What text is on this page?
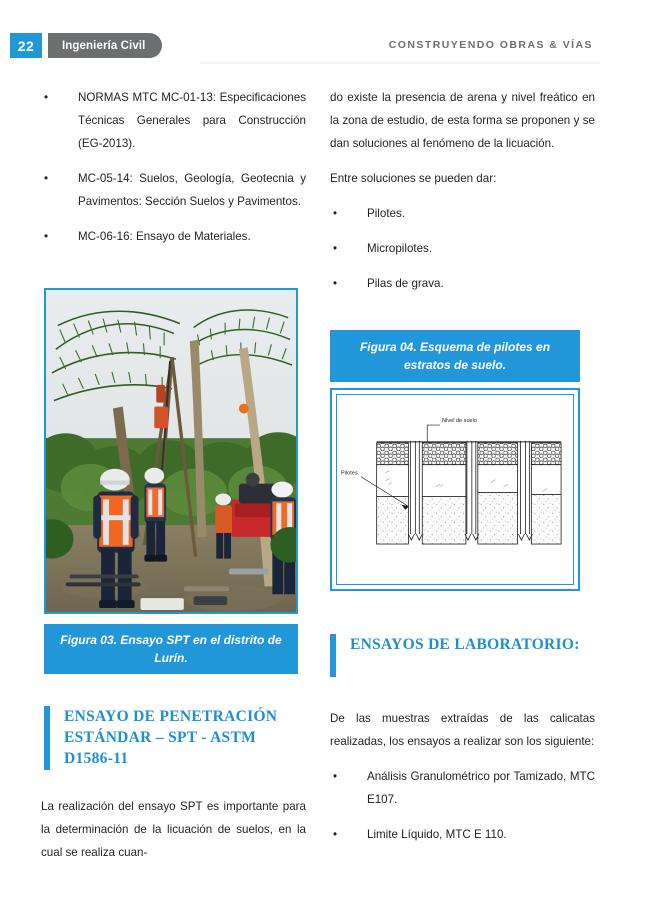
22	Ingeniería Civil	CONSTRUYENDO OBRAS & VÍAS
•	NORMAS MTC MC-01-13: Especificaciones Técnicas Generales para Construcción (EG-2013).
•	MC-05-14: Suelos, Geología, Geotecnia y Pavimentos: Sección Suelos y Pavimentos.
•	MC-06-16: Ensayo de Materiales.
Figura 03. Ensayo SPT en el distrito de Lurín.
ENSAYO DE PENETRACIÓN ESTÁNDAR – SPT - ASTM D1586-11

La realización del ensayo SPT es importante para la determinación de la licuación de suelos, en la cual se realiza cuan-

do existe la presencia de arena y nivel freático en la zona de estudio, de esta forma se proponen y se dan soluciones al fenómeno de la licuación.

Entre soluciones se pueden dar:

•	Pilotes.
•	Micropilotes.
•	Pilas de grava.
Figura 04. Esquema de pilotes en estratos de suelo.
Nivel de suelo
Pilotes
ENSAYOS DE LABORATORIO:

De las muestras extraídas de las calicatas realizadas, los ensayos a realizar son los siguiente:

•	Análisis Granulométrico por Tamizado, MTC E107.
•	Limite Líquido, MTC E 110.
